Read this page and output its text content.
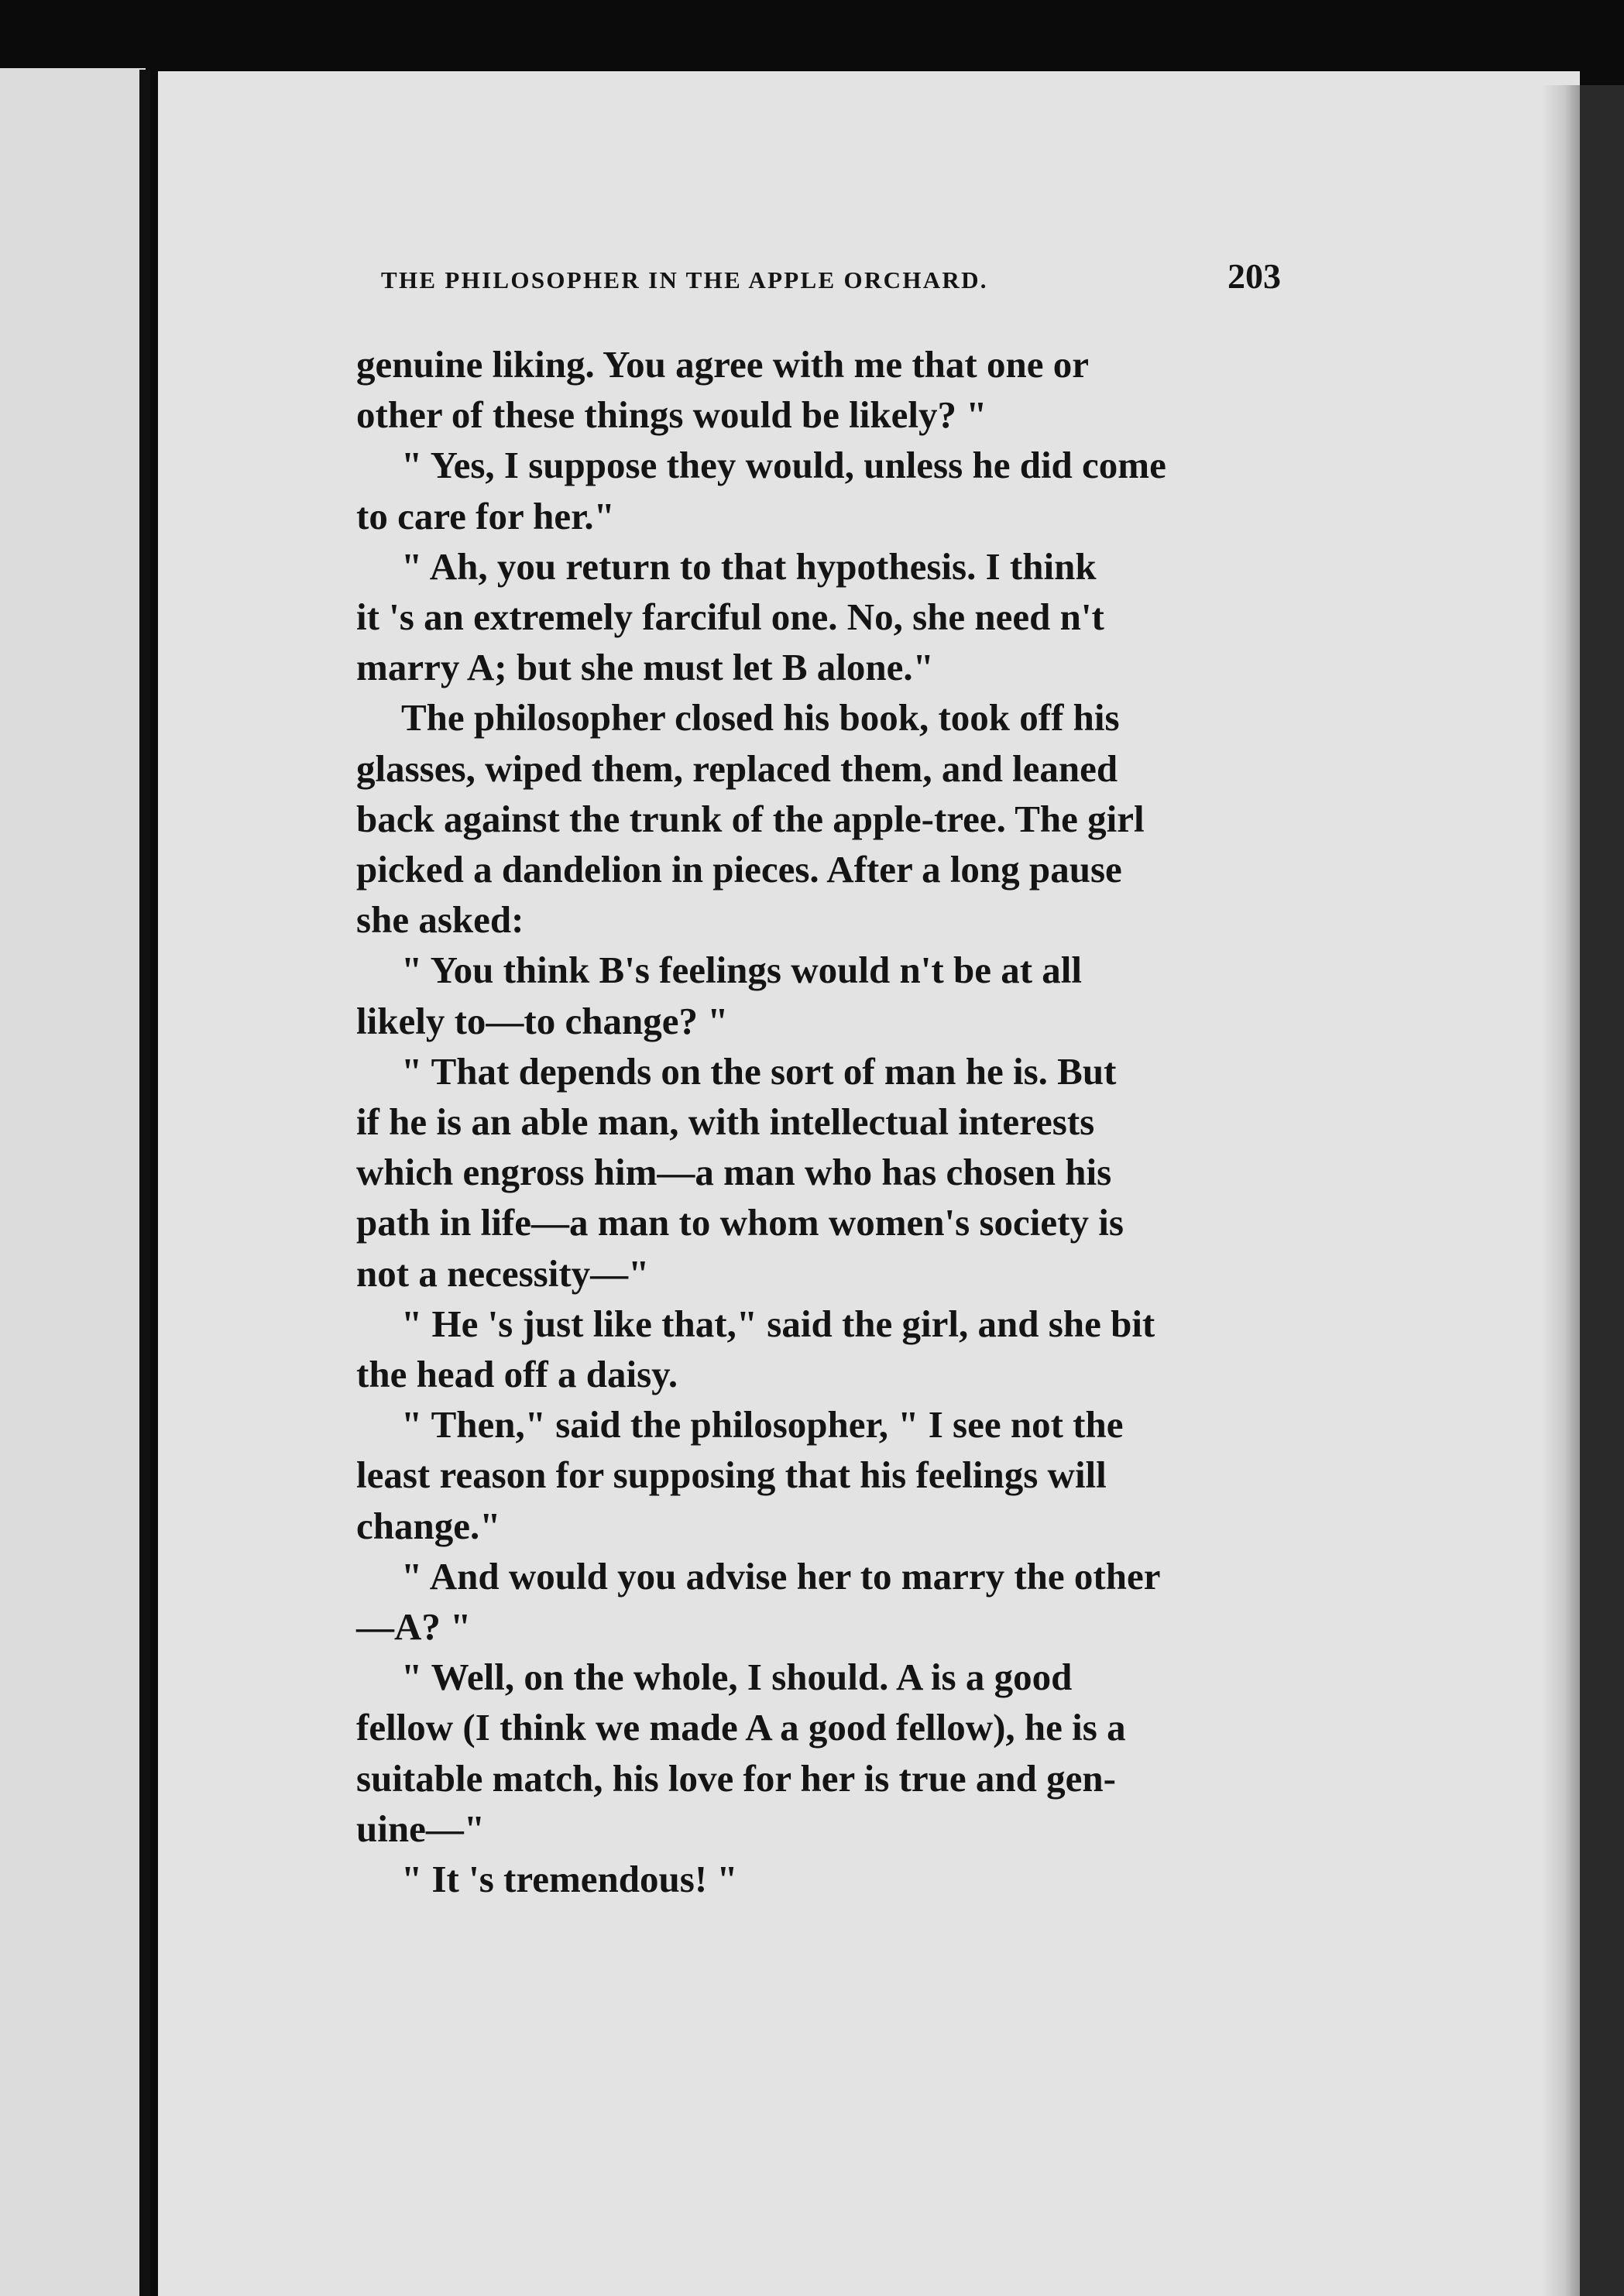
THE PHILOSOPHER IN THE APPLE ORCHARD.	203

genuine liking. You agree with me that one or
other of these things would be likely? "

" Yes, I suppose they would, unless he did come
to care for her."

" Ah, you return to that hypothesis. I think
it 's an extremely farciful one. No, she need n't
marry A; but she must let B alone."

The philosopher closed his book, took off his
glasses, wiped them, replaced them, and leaned
back against the trunk of the apple-tree. The girl
picked a dandelion in pieces. After a long pause
she asked:

" You think B's feelings would n't be at all
likely to—to change? "

" That depends on the sort of man he is. But
if he is an able man, with intellectual interests
which engross him—a man who has chosen his
path in life—a man to whom women's society is
not a necessity—"

" He 's just like that," said the girl, and she bit
the head off a daisy.

" Then," said the philosopher, " I see not the
least reason for supposing that his feelings will
change."

" And would you advise her to marry the other
—A? "

" Well, on the whole, I should. A is a good
fellow (I think we made A a good fellow), he is a
suitable match, his love for her is true and gen-
uine—"

" It 's tremendous! "
